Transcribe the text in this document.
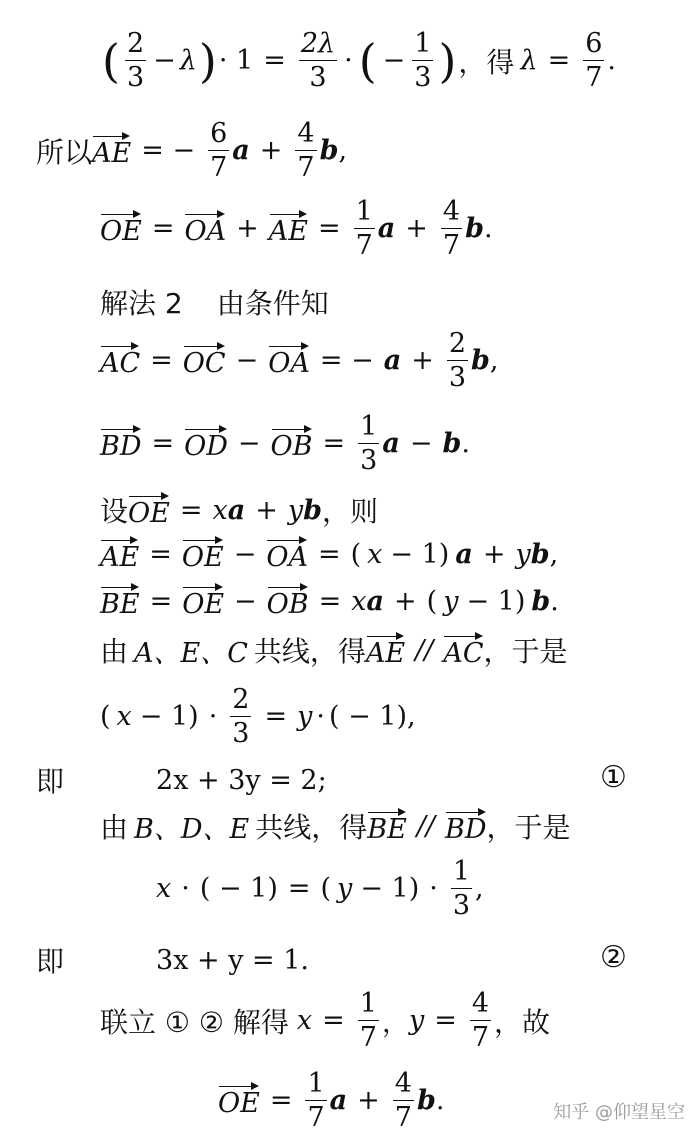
( $\frac{2}{3} - \lambda$ ) · $1 = \frac{2\lambda}{3}$ · ( − $\frac{1}{3}$ ) ，得 $\lambda = \frac{6}{7}$ .
所以 AE = − $\frac{6}{7}$ $a + \frac{4}{7}$ b ,
OE = OA + AE = $\frac{1}{7}$ $a + \frac{4}{7}$ b .
解法 2 由条件知
AC = OC − OA = − $a + \frac{2}{3}$ b ,
BD = OD − OB = $\frac{1}{3}$ a − b .
设 OE = x a + y b ，则
AE = OE − OA = ( x − 1 ) a + y b ,
BE = OE − OB = x a + ( y − 1 ) b .
由 A、E、C 共线，得 AE // AC ，于是
( $x - 1) \cdot \frac{2}{3} = y$ · ( − 1) ,
即	2x + 3y = 2;	①
由 B、D、E 共线，得 BE // BD ，于是
x · ( − 1) = ( $y - 1) \cdot \frac{1}{3}$ ,
即	3x + y = 1.	②
联立 ① ② 解得 $x = \frac{1}{7}$ ， $y = \frac{4}{7}$ ，故
OE = $\frac{1}{7}$ $a + \frac{4}{7}$ b .	知乎 @仰望星空
